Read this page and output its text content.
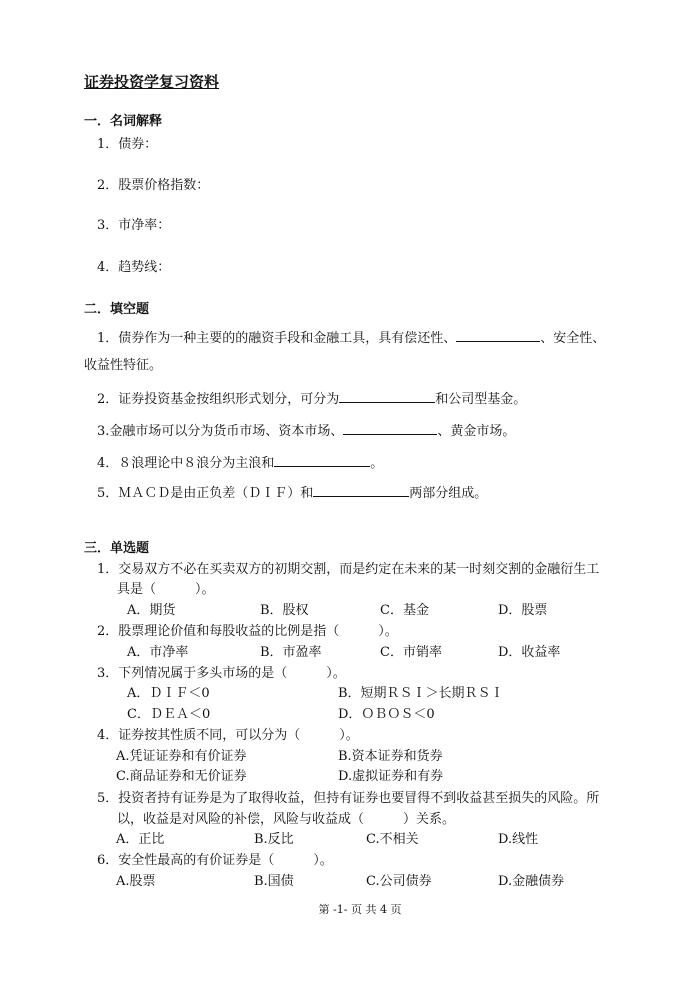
证券投资学复习资料
一．名词解释
1．债券：
2．股票价格指数：
3．市净率：
4．趋势线：
二．填空题
1．债券作为一种主要的的融资手段和金融工具，具有偿还性、	、安全性、
收益性特征。
2．证券投资基金按组织形式划分，可分为	和公司型基金。
3.金融市场可以分为货币市场、资本市场、	、黄金市场。
4．８浪理论中８浪分为主浪和	。
5．ＭＡＣＤ是由正负差（ＤＩＦ）和	两部分组成。
三．单选题
1．交易双方不必在买卖双方的初期交割，而是约定在未来的某一时刻交割的金融衍生工
具是（　　　）。
A．期货	B．股权	C．基金	D．股票
2．股票理论价值和每股收益的比例是指（　　　）。
A．市净率	B．市盈率	C．市销率	D．收益率
3．下列情况属于多头市场的是（　　　）。
A．ＤＩＦ＜0	B．短期ＲＳＩ＞长期ＲＳＩ
C．ＤＥＡ＜0	D．ＯＢＯＳ＜0
4．证券按其性质不同，可以分为（　　　）。
A.凭证证券和有价证券	B.资本证券和货券
C.商品证券和无价证券	D.虚拟证券和有券
5．投资者持有证券是为了取得收益，但持有证券也要冒得不到收益甚至损失的风险。所
以，收益是对风险的补偿，风险与收益成（　　　）关系。
A．正比	B.反比	C.不相关	D.线性
6．安全性最高的有价证券是（　　　）。
A.股票	B.国债	C.公司债券	D.金融债券
第 -1- 页 共 4 页
